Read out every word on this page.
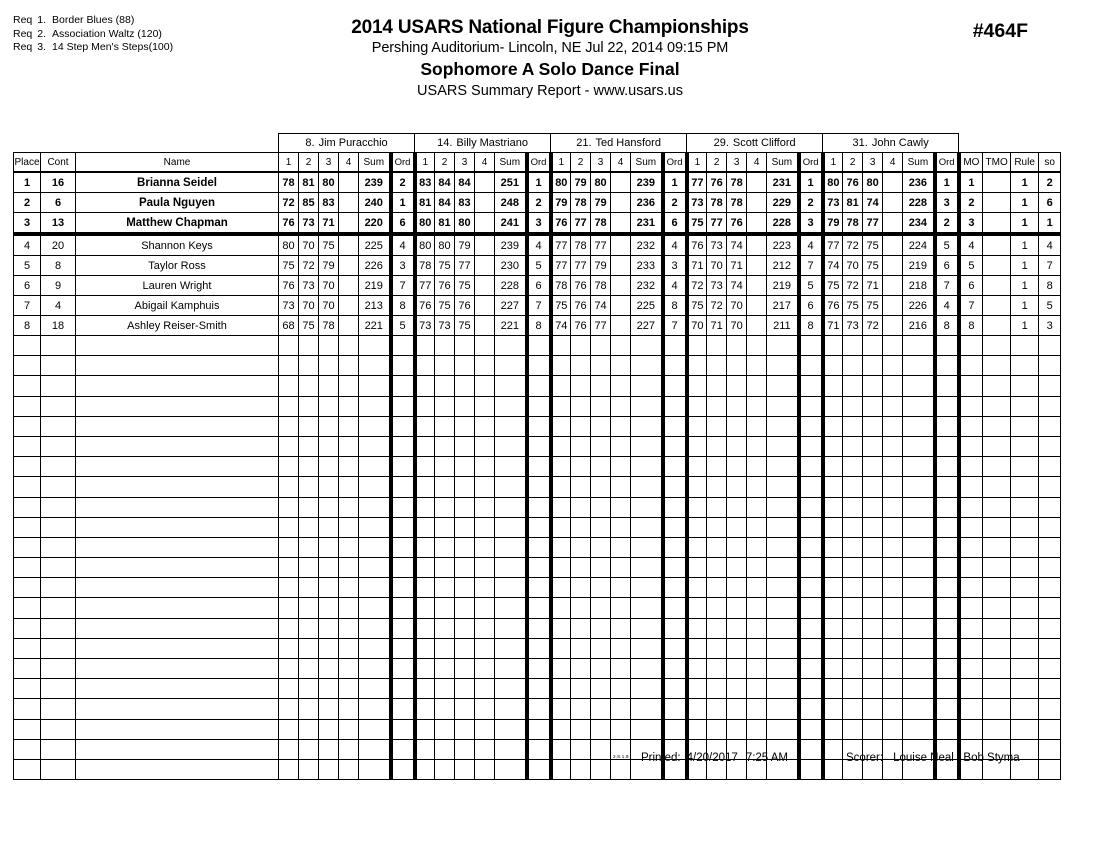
Req 1. Border Blues (88)
Req 2. Association Waltz (120)
Req 3. 14 Step Men's Steps(100)
2014 USARS National Figure Championships
Pershing Auditorium- Lincoln, NE Jul 22, 2014 09:15 PM
Sophomore A Solo Dance Final
USARS Summary Report - www.usars.us
#464F
			8. Jim Puracchio						14. Billy Mastriano						21. Ted Hansford						29. Scott Clifford						31. John Cawly									
Place	Cont	Name	1	2	3	4	Sum	Ord	1	2	3	4	Sum	Ord	1	2	3	4	Sum	Ord	1	2	3	4	Sum	Ord	1	2	3	4	Sum	Ord	MO	TMO	Rule	so
1	16	Brianna Seidel	78	81	80		239	2	83	84	84		251	1	80	79	80		239	1	77	76	78		231	1	80	76	80		236	1	1		1	2
2	6	Paula Nguyen	72	85	83		240	1	81	84	83		248	2	79	78	79		236	2	73	78	78		229	2	73	81	74		228	3	2		1	6
3	13	Matthew Chapman	76	73	71		220	6	80	81	80		241	3	76	77	78		231	6	75	77	76		228	3	79	78	77		234	2	3		1	1
4	20	Shannon Keys	80	70	75		225	4	80	80	79		239	4	77	78	77		232	4	76	73	74		223	4	77	72	75		224	5	4		1	4
5	8	Taylor Ross	75	72	79		226	3	78	75	77		230	5	77	77	79		233	3	71	70	71		212	7	74	70	75		219	6	5		1	7
6	9	Lauren Wright	76	73	70		219	7	77	76	75		228	6	78	76	78		232	4	72	73	74		219	5	75	72	71		218	7	6		1	8
7	4	Abigail Kamphuis	73	70	70		213	8	76	75	76		227	7	75	76	74		225	8	75	72	70		217	6	76	75	75		226	4	7		1	5
8	18	Ashley Reiser-Smith	68	75	78		221	5	73	73	75		221	8	74	76	77		227	7	70	71	70		211	8	71	73	72		216	8	8		1	3

3.8.1.8 Printed: 4/20/2017 7:25 AM	Scorer: Louise Neal / Bob Styma
